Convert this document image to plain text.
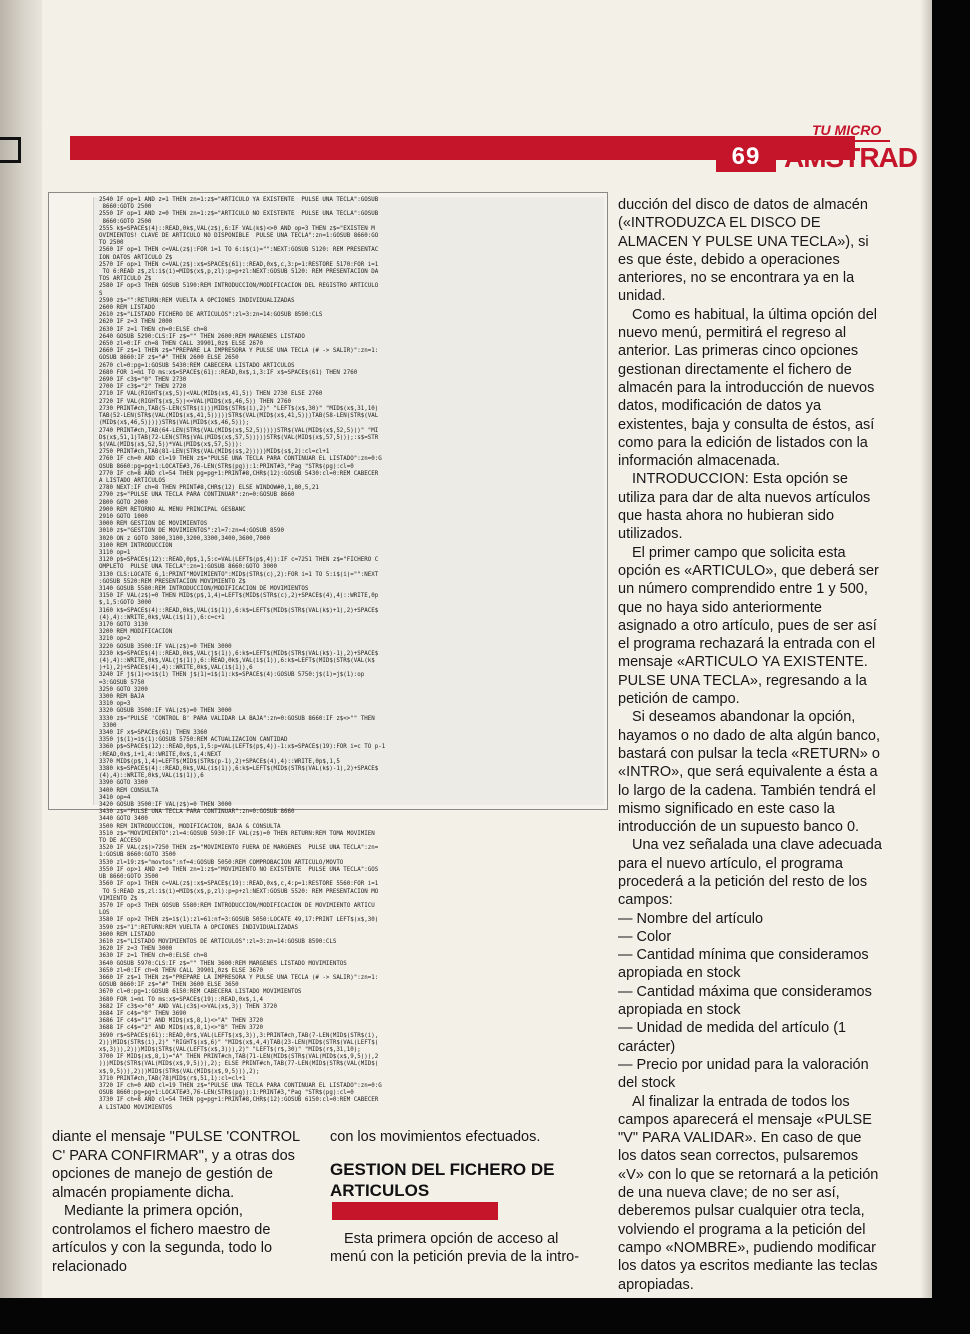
TU MICRO
69 AMSTRAD
2540 IF op=1 AND z=1 THEN zn=1:z$="ARTICULO YA EXISTENTE  PULSE UNA TECLA":GOSUB
8660:GOTO 2500
2550 IF op=1 AND z=0 THEN zn=1:z$="ARTICULO NO EXISTENTE  PULSE UNA TECLA":GOSUB
8660:GOTO 2500
2555 k$=SPACE$(4)::READ,0k$,VAL(z$),6:IF VAL(k$)<>0 AND op=3 THEN z$="EXISTEN M
OVIMIENTOS! CLAVE DE ARTICULO NO DISPONIBLE  PULSE UNA TECLA":zn=1:GOSUB 8660:GO
TO 2500
2560 IF op=1 THEN c=VAL(z$):FOR i=1 TO 6:i$(i)="":NEXT:GOSUB 5120: REM PRESENTAC
ION DATOS ARTICULO Z$
2570 IF op>1 THEN c=VAL(z$):x$=SPACE$(61)::READ,0x$,c,3:p=1:RESTORE 5170:FOR i=1
TO 6:READ z$,zl:i$(i)=MID$(x$,p,zl):p=p+zl:NEXT:GOSUB 5120: REM PRESENTACION DA
TOS ARTICULO Z$
2580 IF op<3 THEN GOSUB 5190:REM INTRODUCCION/MODIFICACION DEL REGISTRO ARTICULO
S
2590 z$="":RETURN:REM VUELTA A OPCIONES INDIVIDUALIZADAS
2600 REM LISTADO
2610 z$="LISTADO FICHERO DE ARTICULOS":zl=3:zn=14:GOSUB 8590:CLS
2620 IF z=3 THEN 2000
2630 IF z=1 THEN ch=0:ELSE ch=8
2640 GOSUB 5290:CLS:IF z$="" THEN 2600:REM MARGENES LISTADO
2650 zl=0:IF ch=8 THEN CALL 39901,0z$ ELSE 2670
2660 IF z$=1 THEN z$="PREPARE LA IMPRESORA Y PULSE UNA TECLA (# -> SALIR)":zn=1:
GOSUB 8660:IF z$="#" THEN 2600 ELSE 2650
2670 cl=0:pg=1:GOSUB 5430:REM CABECERA LISTADO ARTICULOS
2680 FOR i=mi TO ms:x$=SPACE$(61)::READ,0x$,i,3:IF x$=SPACE$(61) THEN 2760
2690 IF c3$="0" THEN 2730
2700 IF c3$="2" THEN 2720
2710 IF VAL(RIGHT$(x$,5))<VAL(MID$(x$,41,5)) THEN 2730 ELSE 2760
2720 IF VAL(RIGHT$(x$,5))<=VAL(MID$(x$,46,5)) THEN 2760
2730 PRINT#ch,TAB(5-LEN(STR$(i)))MID$(STR$(i),2)" "LEFT$(x$,30)" "MID$(x$,31,10)
TAB(52-LEN(STR$(VAL(MID$(x$,41,5)))))STR$(VAL(MID$(x$,41,5)))TAB(58-LEN(STR$(VAL
(MID$(x$,46,5)))))STR$(VAL(MID$(x$,46,5)));
2740 PRINT#ch,TAB(64-LEN(STR$(VAL(MID$(x$,52,5)))))STR$(VAL(MID$(x$,52,5)))" "MI
D$(x$,51,1)TAB(72-LEN(STR$(VAL(MID$(x$,57,5)))))STR$(VAL(MID$(x$,57,5)));:s$=STR
$(VAL(MID$(x$,52,5))*VAL(MID$(x$,57,5))):
2750 PRINT#ch,TAB(81-LEN(STR$(VAL(MID$(s$,2)))))MID$(s$,2):cl=cl+1
2760 IF ch=0 AND cl=19 THEN z$="PULSE UNA TECLA PARA CONTINUAR EL LISTADO":zn=0:G
OSUB 8660:pg=pg+1:LOCATE#3,76-LEN(STR$(pg)):1:PRINT#3,"Pag "STR$(pg):cl=0
2770 IF ch=8 AND cl=54 THEN pg=pg+1:PRINT#8,CHR$(12):GOSUB 5430:cl=0:REM CABECER
A LISTADO ARTICULOS
2780 NEXT:IF ch=8 THEN PRINT#8,CHR$(12) ELSE WINDOW#0,1,80,5,21
2790 z$="PULSE UNA TECLA PARA CONTINUAR":zn=0:GOSUB 8660
2800 GOTO 2000
2900 REM RETORNO AL MENU PRINCIPAL GESBANC
2910 GOTO 1000
3000 REM GESTION DE MOVIMIENTOS
3010 z$="GESTION DE MOVIMIENTOS":zl=7:zn=4:GOSUB 8590
3020 ON z GOTO 3800,3100,3200,3300,3400,3600,7000
3100 REM INTRODUCCION
3110 op=1
3120 p$=SPACE$(12)::READ,0p$,1,5:c=VAL(LEFT$(p$,4)):IF c=7251 THEN z$="FICHERO C
OMPLETO  PULSE UNA TECLA":zn=1:GOSUB 8660:GOTO 3000
3130 CLS:LOCATE 6,1:PRINT"MOVIMIENTO":MID$(STR$(c),2):FOR i=1 TO 5:i$(i)="":NEXT
:GOSUB 5520:REM PRESENTACION MOVIMIENTO Z$
3140 GOSUB 5580:REM INTRODUCCION/MODIFICACION DE MOVIMIENTOS
3150 IF VAL(z$)=0 THEN MID$(p$,1,4)=LEFT$(MID$(STR$(c),2)+SPACE$(4),4)::WRITE,0p
$,1,5:GOTO 3000
3160 k$=SPACE$(4)::READ,0k$,VAL(i$(1)),6:k$=LEFT$(MID$(STR$(VAL(k$)+1),2)+SPACE$
(4),4)::WRITE,0k$,VAL(i$(1)),6:c=c+1
3170 GOTO 3130
3200 REM MODIFICACION
3210 op=2
3220 GOSUB 3500:IF VAL(z$)=0 THEN 3000
3230 k$=SPACE$(4)::READ,0k$,VAL(j$(1)),6:k$=LEFT$(MID$(STR$(VAL(k$)-1),2)+SPACE$
(4),4)::WRITE,0k$,VAL(j$(1)),6::READ,0k$,VAL(i$(1)),6:k$=LEFT$(MID$(STR$(VAL(k$
)+1),2)+SPACE$(4),4)::WRITE,0k$,VAL(i$(1)),6
3240 IF j$(1)<>i$(1) THEN j$(1)=i$(1):k$=SPACE$(4):GOSUB 5750:j$(1)=j$(1):op
=3:GOSUB 5750
3250 GOTO 3200
3300 REM BAJA
3310 op=3
3320 GOSUB 3500:IF VAL(z$)=0 THEN 3000
3330 z$="PULSE 'CONTROL B' PARA VALIDAR LA BAJA":zn=0:GOSUB 8660:IF z$<>"" THEN
3300
3340 IF x$=SPACE$(61) THEN 3360
3350 j$(1)=i$(1):GOSUB 5750:REM ACTUALIZACION CANTIDAD
3360 p$=SPACE$(12)::READ,0p$,1,5:p=VAL(LEFT$(p$,4))-1:x$=SPACE$(19):FOR i=c TO p-1
:READ,0x$,i+1,4::WRITE,0x$,i,4:NEXT
3370 MID$(p$,1,4)=LEFT$(MID$(STR$(p-1),2)+SPACE$(4),4)::WRITE,0p$,1,5
3380 k$=SPACE$(4)::READ,0k$,VAL(i$(1)),6:k$=LEFT$(MID$(STR$(VAL(k$)-1),2)+SPACE$
(4),4)::WRITE,0k$,VAL(i$(1)),6
3390 GOTO 3300
3400 REM CONSULTA
3410 op=4
3420 GOSUB 3500:IF VAL(z$)=0 THEN 3000
3430 z$="PULSE UNA TECLA PARA CONTINUAR":zn=0:GOSUB 8660
3440 GOTO 3400
3500 REM INTRODUCCION, MODIFICACION, BAJA & CONSULTA
3510 z$="MOVIMIENTO":zl=4:GOSUB 5930:IF VAL(z$)=0 THEN RETURN:REM TOMA MOVIMIEN
TO DE ACCESO
3520 IF VAL(z$)>7250 THEN z$="MOVIMIENTO FUERA DE MARGENES  PULSE UNA TECLA":zn=
1:GOSUB 8660:GOTO 3500
3530 zl=19:z$="movtos":nf=4:GOSUB 5050:REM COMPROBACION ARTICULO/MOVTO
3550 IF op>1 AND z=0 THEN zn=1:z$="MOVIMIENTO NO EXISTENTE  PULSE UNA TECLA":GOS
UB 8660:GOTO 3500
3560 IF op>1 THEN c=VAL(z$):x$=SPACE$(19)::READ,0x$,c,4:p=1:RESTORE 5560:FOR i=1
TO 5:READ z$,zl:i$(i)=MID$(x$,p,zl):p=p+zl:NEXT:GOSUB 5520: REM PRESENTACION MO
VIMIENTO Z$
3570 IF op<3 THEN GOSUB 5580:REM INTRODUCCION/MODIFICACION DE MOVIMIENTO ARTICU
LOS
3580 IF op>2 THEN z$=i$(1):zl=61:nf=3:GOSUB 5050:LOCATE 49,17:PRINT LEFT$(x$,30)
3590 z$="1":RETURN:REM VUELTA A OPCIONES INDIVIDUALIZADAS
3600 REM LISTADO
3610 z$="LISTADO MOVIMIENTOS DE ARTICULOS":zl=3:zn=14:GOSUB 8590:CLS
3620 IF z=3 THEN 3000
3630 IF z=1 THEN ch=0:ELSE ch=8
3640 GOSUB 5970:CLS:IF z$="" THEN 3600:REM MARGENES LISTADO MOVIMIENTOS
3650 zl=0:IF ch=8 THEN CALL 39901,0z$ ELSE 3670
3660 IF z$=1 THEN z$="PREPARE LA IMPRESORA Y PULSE UNA TECLA (# -> SALIR)":zn=1:
GOSUB 8660:IF z$="#" THEN 3600 ELSE 3650
3670 cl=0:pg=1:GOSUB 6150:REM CABECERA LISTADO MOVIMIENTOS
3680 FOR i=mi TO ms:x$=SPACE$(19)::READ,0x$,i,4
3682 IF c3$<>"0" AND VAL(c3$)<>VAL(x$,3)) THEN 3720
3684 IF c4$="0" THEN 3690
3686 IF c4$="1" AND MID$(x$,8,1)<>"A" THEN 3720
3688 IF c4$="2" AND MID$(x$,8,1)<>"B" THEN 3720
3690 r$=SPACE$(61)::READ,0r$,VAL(LEFT$(x$,3)),3:PRINT#ch,TAB(7-LEN(MID$(STR$(i),
2)))MID$(STR$(i),2)" "RIGHT$(x$,6)" "MID$(x$,4,4)TAB(23-LEN(MID$(STR$(VAL(LEFT$(
x$,3))),2)))MID$(STR$(VAL(LEFT$(x$,3))),2)" "LEFT$(r$,30)" "MID$(r$,31,10);
3700 IF MID$(x$,8,1)="A" THEN PRINT#ch,TAB(71-LEN(MID$(STR$(VAL(MID$(x$,9,5))),2
)))MID$(STR$(VAL(MID$(x$,9,5))),2); ELSE PRINT#ch,TAB(77-LEN(MID$(STR$(VAL(MID$(
x$,9,5))),2)))MID$(STR$(VAL(MID$(x$,9,5))),2);
3710 PRINT#ch,TAB(78)MID$(r$,51,1):cl=cl+1
3720 IF ch=0 AND cl=19 THEN z$="PULSE UNA TECLA PARA CONTINUAR EL LISTADO":zn=0:G
OSUB 8660:pg=pg+1:LOCATE#3,76-LEN(STR$(pg)):1:PRINT#3,"Pag "STR$(pg):cl=0
3730 IF ch=8 AND cl=54 THEN pg=pg+1:PRINT#8,CHR$(12):GOSUB 6150:cl=0:REM CABECER
A LISTADO MOVIMIENTOS

ducción del disco de datos de almacén («INTRODUZCA EL DISCO DE ALMACEN Y PULSE UNA TECLA»), si es que éste, debido a operaciones anteriores, no se encontrara ya en la unidad.

Como es habitual, la última opción del nuevo menú, permitirá el regreso al anterior. Las primeras cinco opciones gestionan directamente el fichero de almacén para la introducción de nuevos datos, modificación de datos ya existentes, baja y consulta de éstos, así como para la edición de listados con la información almacenada.

INTRODUCCION: Esta opción se utiliza para dar de alta nuevos artículos que hasta ahora no hubieran sido utilizados.

El primer campo que solicita esta opción es «ARTICULO», que deberá ser un número comprendido entre 1 y 500, que no haya sido anteriormente asignado a otro artículo, pues de ser así el programa rechazará la entrada con el mensaje «ARTICULO YA EXISTENTE. PULSE UNA TECLA», regresando a la petición de campo.

Si deseamos abandonar la opción, hayamos o no dado de alta algún banco, bastará con pulsar la tecla «RETURN» o «INTRO», que será equivalente a ésta a lo largo de la cadena. También tendrá el mismo significado en este caso la introducción de un supuesto banco 0.

Una vez señalada una clave adecuada para el nuevo artículo, el programa procederá a la petición del resto de los campos:

— Nombre del artículo

— Color

— Cantidad mínima que consideramos apropiada en stock

— Cantidad máxima que consideramos apropiada en stock

— Unidad de medida del artículo (1 carácter)

— Precio por unidad para la valoración del stock

Al finalizar la entrada de todos los campos aparecerá el mensaje «PULSE "V" PARA VALIDAR». En caso de que los datos sean correctos, pulsaremos «V» con lo que se retornará a la petición de una nueva clave; de no ser así, deberemos pulsar cualquier otra tecla, volviendo el programa a la petición del campo «NOMBRE», pudiendo modificar los datos ya escritos mediante las teclas apropiadas.

diante el mensaje "PULSE 'CONTROL C' PARA CONFIRMAR", y a otras dos opciones de manejo de gestión de almacén propiamente dicha.

Mediante la primera opción, controlamos el fichero maestro de artículos y con la segunda, todo lo relacionado

con los movimientos efectuados.

GESTION DEL FICHERO DE
ARTICULOS

Esta primera opción de acceso al menú con la petición previa de la intro-
